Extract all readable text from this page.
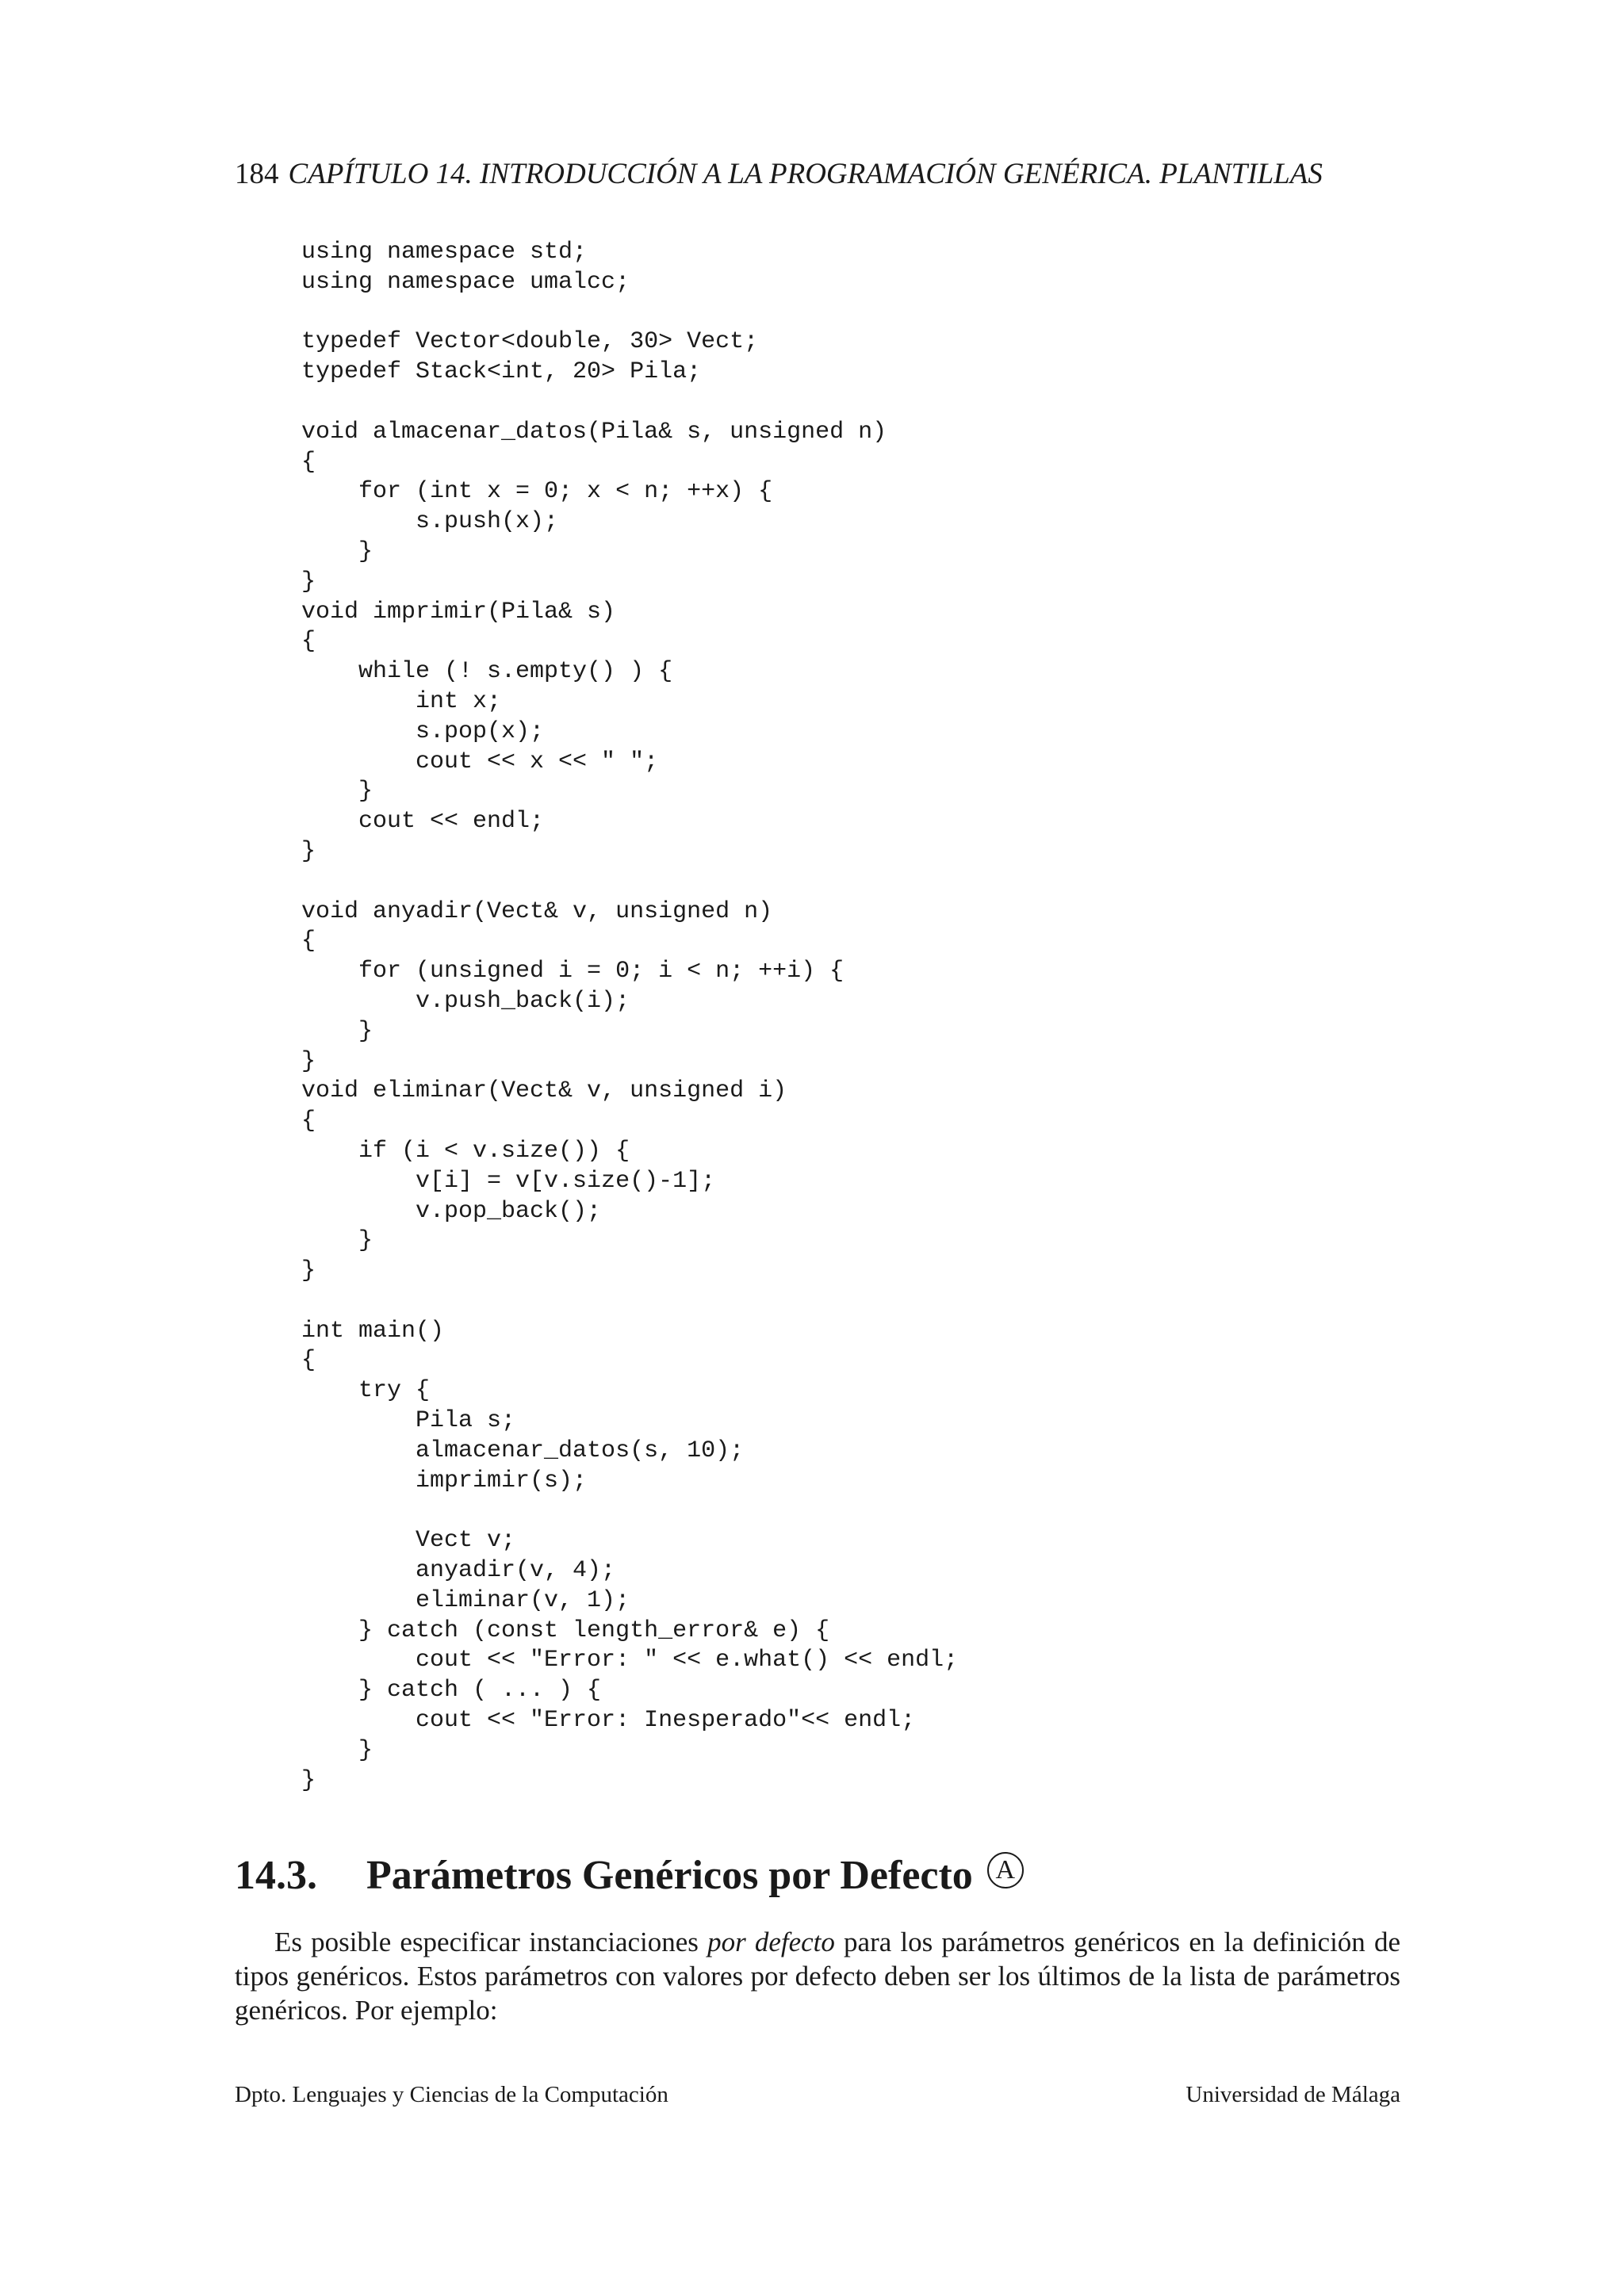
184 CAPÍTULO 14. INTRODUCCIÓN A LA PROGRAMACIÓN GENÉRICA. PLANTILLAS
using namespace std;
using namespace umalcc;

typedef Vector<double, 30> Vect;
typedef Stack<int, 20> Pila;

void almacenar_datos(Pila& s, unsigned n)
{
for (int x = 0; x < n; ++x) {
s.push(x);
}
}
void imprimir(Pila& s)
{
while (! s.empty() ) {
int x;
s.pop(x);
cout << x << " ";
}
cout << endl;
}

void anyadir(Vect& v, unsigned n)
{
for (unsigned i = 0; i < n; ++i) {
v.push_back(i);
}
}
void eliminar(Vect& v, unsigned i)
{
if (i < v.size()) {
v[i] = v[v.size()-1];
v.pop_back();
}
}

int main()
{
try {
Pila s;
almacenar_datos(s, 10);
imprimir(s);

Vect v;
anyadir(v, 4);
eliminar(v, 1);
} catch (const length_error& e) {
cout << "Error: " << e.what() << endl;
} catch ( ... ) {
cout << "Error: Inesperado"<< endl;
}
}
14.3. Parámetros Genéricos por Defecto A

Es posible especificar instanciaciones por defecto para los parámetros genéricos en la definición de tipos genéricos. Estos parámetros con valores por defecto deben ser los últimos de la lista de parámetros genéricos. Por ejemplo:

Dpto. Lenguajes y Ciencias de la Computación	Universidad de Málaga
